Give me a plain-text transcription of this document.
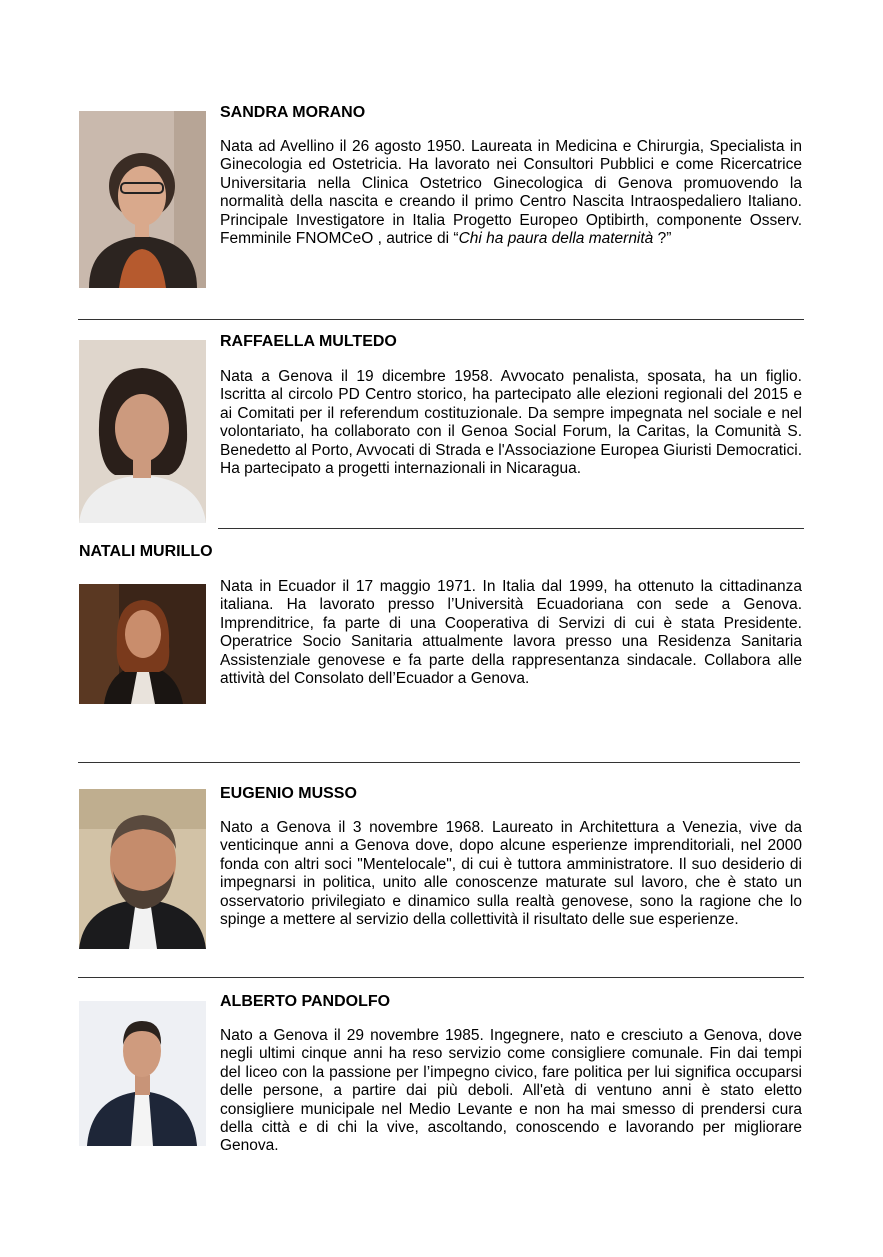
SANDRA MORANO

Nata ad Avellino il 26 agosto 1950. Laureata in Medicina e Chirurgia, Specialista in Ginecologia ed Ostetricia. Ha lavorato nei Consultori Pubblici e come Ricercatrice Universitaria nella Clinica Ostetrico Ginecologica di Genova promuovendo la normalità della nascita e creando il primo Centro Nascita Intraospedaliero Italiano. Principale Investigatore in Italia Progetto Europeo Optibirth, componente Osserv. Femminile FNOMCeO , autrice di “Chi ha paura della maternità ?”

RAFFAELLA MULTEDO

Nata a Genova il 19 dicembre 1958. Avvocato penalista, sposata, ha un figlio. Iscritta al circolo PD Centro storico, ha partecipato alle elezioni regionali del 2015 e ai Comitati per il referendum costituzionale. Da sempre impegnata nel sociale e nel volontariato, ha collaborato con il Genoa Social Forum, la Caritas, la Comunità S. Benedetto al Porto, Avvocati di Strada e l'Associazione Europea Giuristi Democratici. Ha partecipato a progetti internazionali in Nicaragua.

NATALI MURILLO

Nata in Ecuador il 17 maggio 1971. In Italia dal 1999, ha ottenuto la cittadinanza italiana. Ha lavorato presso l’Università Ecuadoriana con sede a Genova. Imprenditrice, fa parte di una Cooperativa di Servizi di cui è stata Presidente. Operatrice Socio Sanitaria attualmente lavora presso una Residenza Sanitaria Assistenziale genovese e fa parte della rappresentanza sindacale. Collabora alle attività del Consolato dell’Ecuador a Genova.

EUGENIO MUSSO

Nato a Genova il 3 novembre 1968. Laureato in Architettura a Venezia, vive da venticinque anni a Genova dove, dopo alcune esperienze imprenditoriali, nel 2000 fonda con altri soci "Mentelocale", di cui è tuttora amministratore. Il suo desiderio di impegnarsi in politica, unito alle conoscenze maturate sul lavoro, che è stato un osservatorio privilegiato e dinamico sulla realtà genovese, sono la ragione che lo spinge a mettere al servizio della collettività il risultato delle sue esperienze.

ALBERTO PANDOLFO

Nato a Genova il 29 novembre 1985. Ingegnere, nato e cresciuto a Genova, dove negli ultimi cinque anni ha reso servizio come consigliere comunale. Fin dai tempi del liceo con la passione per l’impegno civico, fare politica per lui significa occuparsi delle persone, a partire dai più deboli. All'età di ventuno anni è stato eletto consigliere municipale nel Medio Levante e non ha mai smesso di prendersi cura della città e di chi la vive, ascoltando, conoscendo e lavorando per migliorare Genova.
